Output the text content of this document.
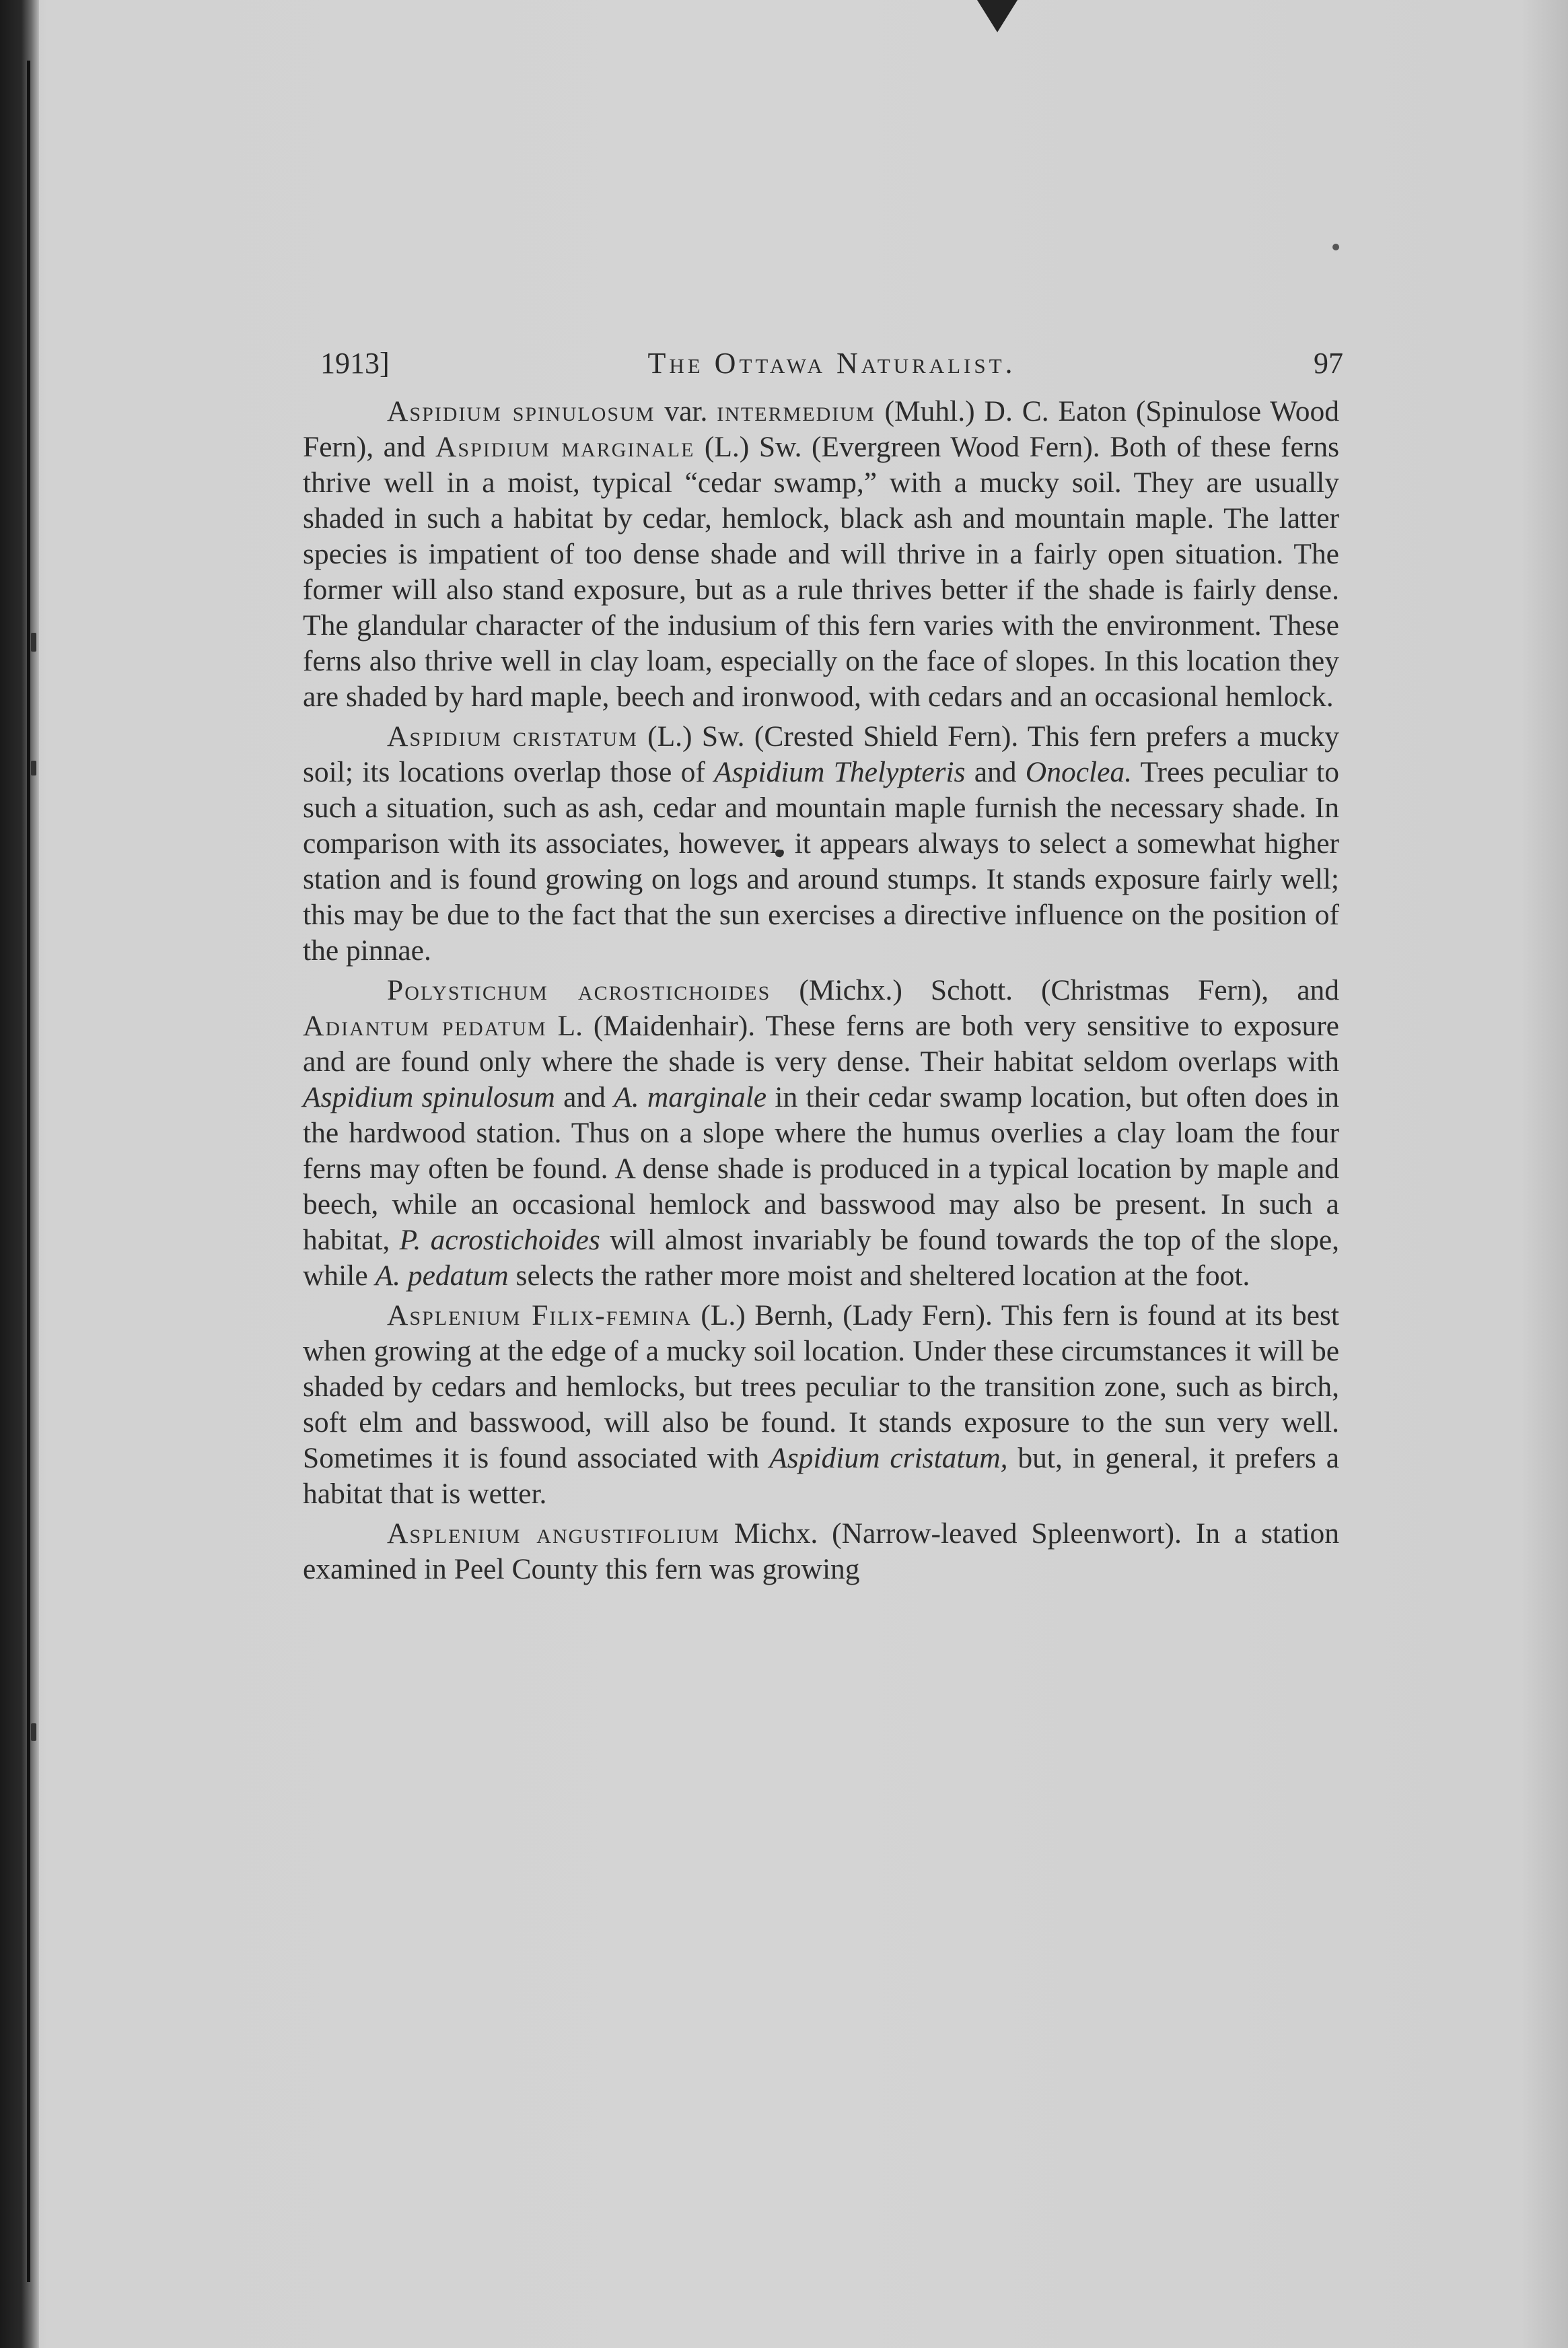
1913]	The Ottawa Naturalist.	97

Aspidium spinulosum var. intermedium (Muhl.) D. C. Eaton (Spinulose Wood Fern), and Aspidium marginale (L.) Sw. (Evergreen Wood Fern). Both of these ferns thrive well in a moist, typical “cedar swamp,” with a mucky soil. They are usually shaded in such a habitat by cedar, hemlock, black ash and mountain maple. The latter species is impatient of too dense shade and will thrive in a fairly open situation. The former will also stand exposure, but as a rule thrives better if the shade is fairly dense. The glandular character of the indusium of this fern varies with the environment. These ferns also thrive well in clay loam, especially on the face of slopes. In this location they are shaded by hard maple, beech and ironwood, with cedars and an occasional hemlock.

Aspidium cristatum (L.) Sw. (Crested Shield Fern). This fern prefers a mucky soil; its locations overlap those of Aspidium Thelypteris and Onoclea. Trees peculiar to such a situation, such as ash, cedar and mountain maple furnish the necessary shade. In comparison with its associates, however, it appears always to select a somewhat higher station and is found growing on logs and around stumps. It stands exposure fairly well; this may be due to the fact that the sun exercises a directive influence on the position of the pinnae.

Polystichum acrostichoides (Michx.) Schott. (Christmas Fern), and Adiantum pedatum L. (Maidenhair). These ferns are both very sensitive to exposure and are found only where the shade is very dense. Their habitat seldom overlaps with Aspidium spinulosum and A. marginale in their cedar swamp location, but often does in the hardwood station. Thus on a slope where the humus overlies a clay loam the four ferns may often be found. A dense shade is produced in a typical location by maple and beech, while an occasional hemlock and basswood may also be present. In such a habitat, P. acrostichoides will almost invariably be found towards the top of the slope, while A. pedatum selects the rather more moist and sheltered location at the foot.

Asplenium Filix-femina (L.) Bernh, (Lady Fern). This fern is found at its best when growing at the edge of a mucky soil location. Under these circumstances it will be shaded by cedars and hemlocks, but trees peculiar to the transition zone, such as birch, soft elm and basswood, will also be found. It stands exposure to the sun very well. Sometimes it is found associated with Aspidium cristatum, but, in general, it prefers a habitat that is wetter.

Asplenium angustifolium Michx. (Narrow-leaved Spleenwort). In a station examined in Peel County this fern was growing
